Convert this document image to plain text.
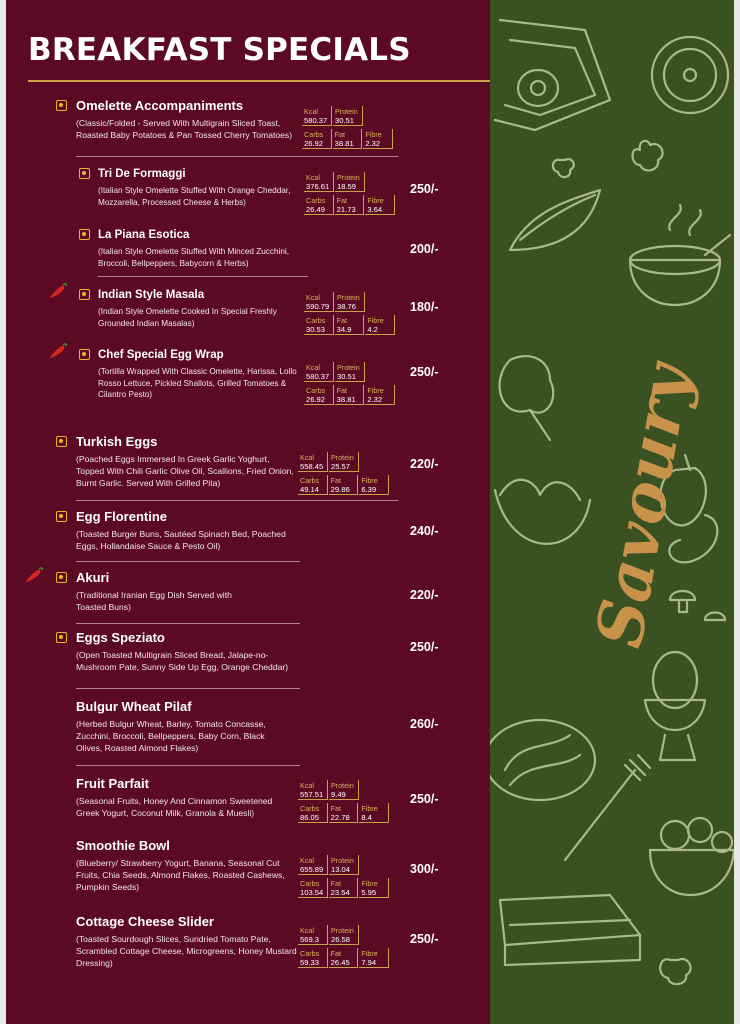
BREAKFAST SPECIALS
Omelette Accompaniments
(Classic/Folded - Served With Multigrain Sliced Toast, Roasted Baby Potatoes & Pan Tossed Cherry Tomatoes)
Kcal
580.37
Protein
30.51
Carbs
26.92
Fat
38.81
Fibre
2.32
Tri De Formaggi
(Italian Style Omelette Stuffed With Orange Cheddar, Mozzarella, Processed Cheese & Herbs)
Kcal
376.61
Protein
18.59
Carbs
26.49
Fat
21.73
Fibre
3.64
250/-
La Piana Esotica
(Italian Style Omelette Stuffed With Minced Zucchini, Broccoli, Bellpeppers, Babycorn & Herbs)
200/-
Indian Style Masala
(Indian Style Omelette Cooked In Special Freshly Grounded Indian Masalas)
Kcal
590.79
Protein
38.76
Carbs
30.53
Fat
34.9
Fibre
4.2
180/-
Chef Special Egg Wrap
(Tortilla Wrapped With Classic Omelette, Harissa, Lollo Rosso Lettuce, Pickled Shallots, Grilled Tomatoes & Cilantro Pesto)
Kcal
580.37
Protein
30.51
Carbs
26.92
Fat
38.81
Fibre
2.32
250/-
Turkish Eggs
(Poached Eggs Immersed In Greek Garlic Yoghurt, Topped With Chili Garlic Olive Oil, Scallions, Fried Onion, Burnt Garlic. Served With Grilled Pita)
Kcal
558.45
Protein
25.57
Carbs
49.14
Fat
29.86
Fibre
6.39
220/-
Egg Florentine
(Toasted Burger Buns, Sautéed Spinach Bed, Poached Eggs, Hollandaise Sauce & Pesto Oil)
240/-
Akuri
(Traditional Iranian Egg Dish Served with Toasted Buns)
220/-
Eggs Speziato
(Open Toasted Multigrain Sliced Bread, Jalape-no-Mushroom Pate, Sunny Side Up Egg, Orange Cheddar)
250/-
Bulgur Wheat Pilaf
(Herbed Bulgur Wheat, Barley, Tomato Concasse, Zucchini, Broccoli, Bellpeppers, Baby Corn, Black Olives, Roasted Almond Flakes)
260/-
Fruit Parfait
(Seasonal Fruits, Honey And Cinnamon Sweetened Greek Yogurt, Coconut Milk, Granola & Muesli)
Kcal
557.51
Protein
9.49
Carbs
86.05
Fat
22.78
Fibre
8.4
250/-
Smoothie Bowl
(Blueberry/ Strawberry Yogurt, Banana, Seasonal Cut Fruits, Chia Seeds, Almond Flakes, Roasted Cashews, Pumpkin Seeds)
Kcal
655.89
Protein
13.04
Carbs
103.54
Fat
23.54
Fibre
5.95
300/-
Cottage Cheese Slider
(Toasted Sourdough Slices, Sundried Tomato Pate, Scrambled Cottage Cheese, Microgreens, Honey Mustard Dressing)
Kcal
569.3
Protein
26.58
Carbs
59.33
Fat
26.45
Fibre
7.94
250/-
Savoury
